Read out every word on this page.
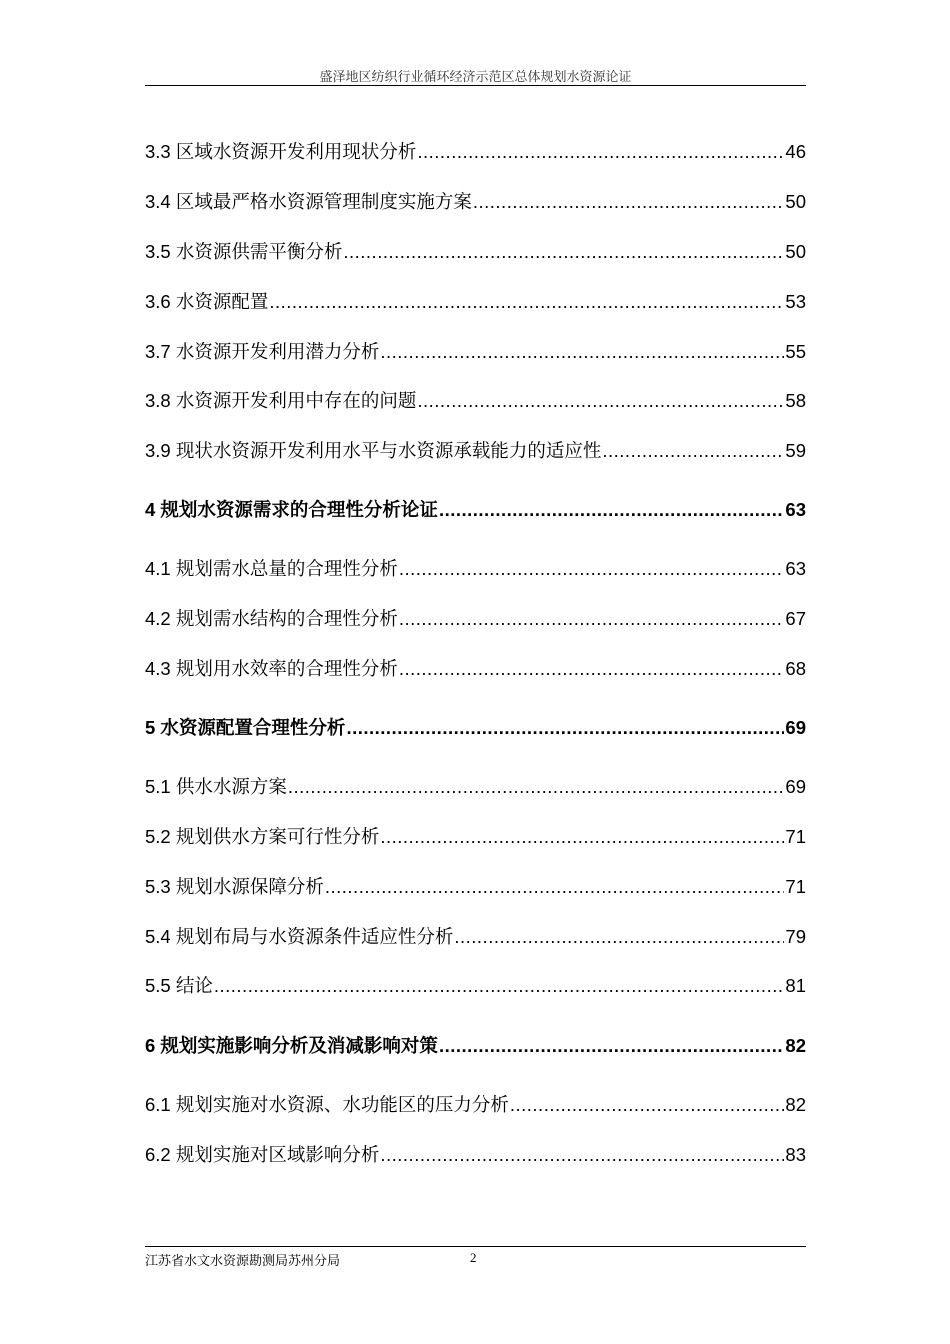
盛泽地区纺织行业循环经济示范区总体规划水资源论证
3.3 区域水资源开发利用现状分析 .....	46
3.4 区域最严格水资源管理制度实施方案 .....	50
3.5 水资源供需平衡分析 .....	50
3.6 水资源配置 .....	53
3.7 水资源开发利用潜力分析 .....	55
3.8 水资源开发利用中存在的问题 .....	58
3.9 现状水资源开发利用水平与水资源承载能力的适应性 .....	59
4 规划水资源需求的合理性分析论证 .....	63
4.1 规划需水总量的合理性分析 .....	63
4.2 规划需水结构的合理性分析 .....	67
4.3 规划用水效率的合理性分析 .....	68
5 水资源配置合理性分析 .....	69
5.1 供水水源方案 .....	69
5.2 规划供水方案可行性分析 .....	71
5.3 规划水源保障分析 .....	71
5.4 规划布局与水资源条件适应性分析 .....	79
5.5 结论 .....	81
6 规划实施影响分析及消减影响对策 .....	82
6.1 规划实施对水资源、水功能区的压力分析 .....	82
6.2 规划实施对区域影响分析 .....	83
江苏省水文水资源勘测局苏州分局	2
